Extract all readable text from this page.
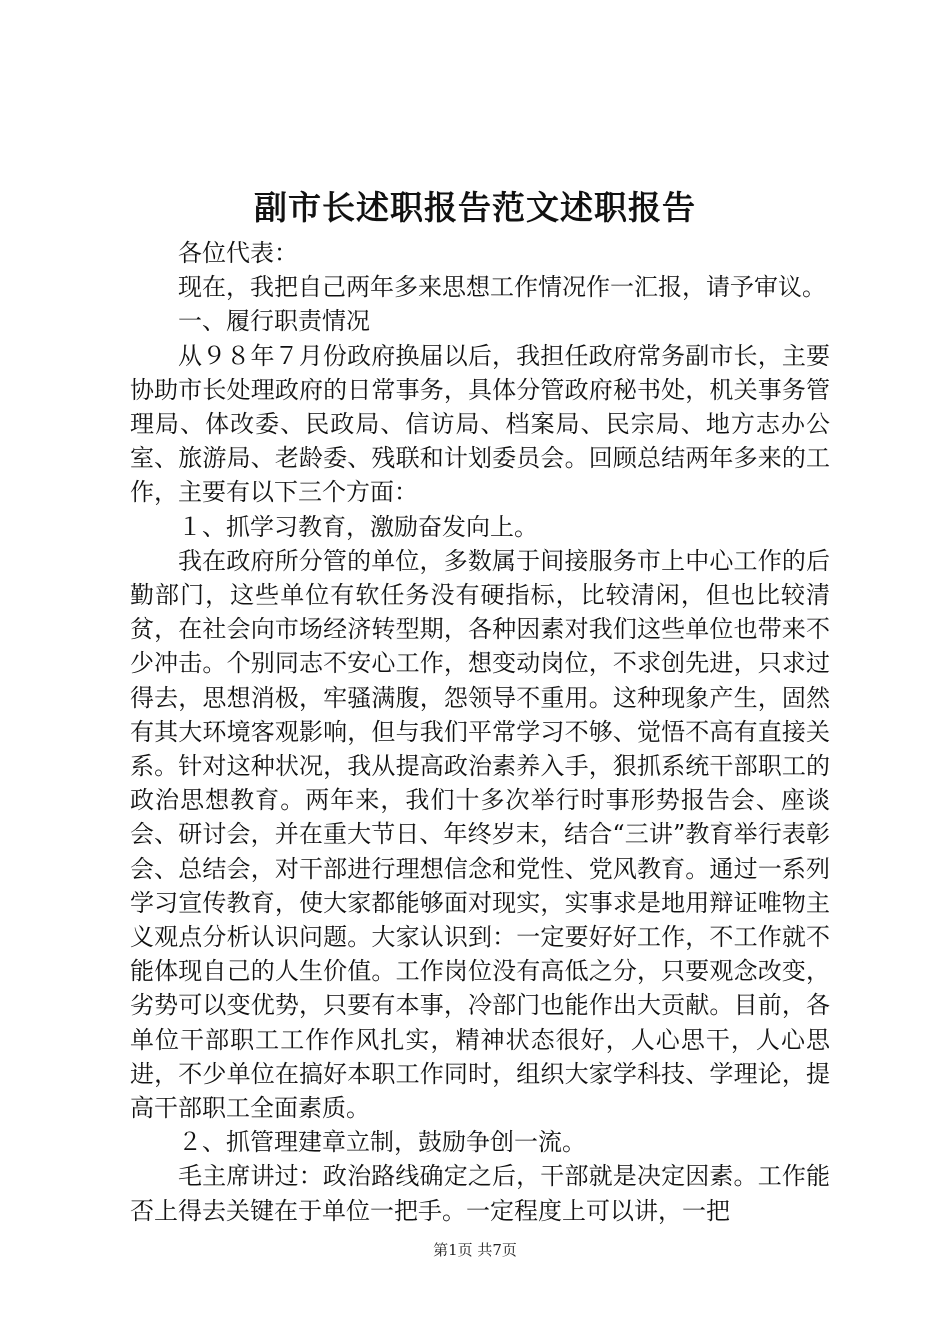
副市长述职报告范文述职报告

各位代表：

现在，我把自己两年多来思想工作情况作一汇报，请予审议。

一、履行职责情况

从９８年７月份政府换届以后，我担任政府常务副市长，主要协助市长处理政府的日常事务，具体分管政府秘书处，机关事务管理局、体改委、民政局、信访局、档案局、民宗局、地方志办公室、旅游局、老龄委、残联和计划委员会。回顾总结两年多来的工作，主要有以下三个方面：

１、抓学习教育，激励奋发向上。

我在政府所分管的单位，多数属于间接服务市上中心工作的后勤部门，这些单位有软任务没有硬指标，比较清闲，但也比较清贫，在社会向市场经济转型期，各种因素对我们这些单位也带来不少冲击。个别同志不安心工作，想变动岗位，不求创先进，只求过得去，思想消极，牢骚满腹，怨领导不重用。这种现象产生，固然有其大环境客观影响，但与我们平常学习不够、觉悟不高有直接关系。针对这种状况，我从提高政治素养入手，狠抓系统干部职工的政治思想教育。两年来，我们十多次举行时事形势报告会、座谈会、研讨会，并在重大节日、年终岁末，结合“三讲”教育举行表彰会、总结会，对干部进行理想信念和党性、党风教育。通过一系列学习宣传教育，使大家都能够面对现实，实事求是地用辩证唯物主义观点分析认识问题。大家认识到：一定要好好工作，不工作就不能体现自己的人生价值。工作岗位没有高低之分，只要观念改变，劣势可以变优势，只要有本事，冷部门也能作出大贡献。目前，各单位干部职工工作作风扎实，精神状态很好，人心思干，人心思进，不少单位在搞好本职工作同时，组织大家学科技、学理论，提高干部职工全面素质。

２、抓管理建章立制，鼓励争创一流。

毛主席讲过：政治路线确定之后，干部就是决定因素。工作能否上得去关键在于单位一把手。一定程度上可以讲，一把

第1页 共7页
